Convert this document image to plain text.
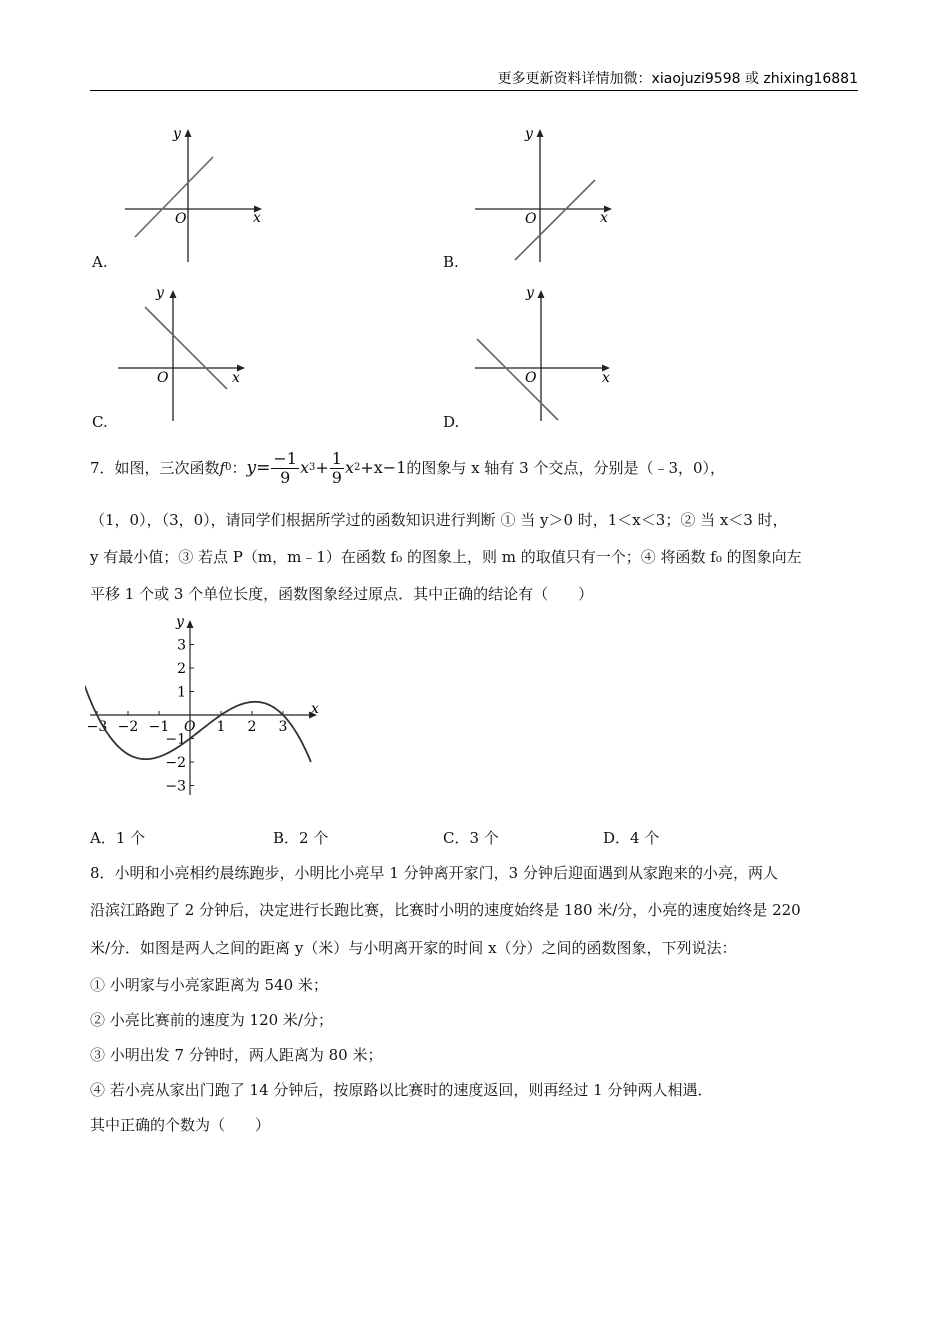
更多更新资料详情加微：xiaojuzi9598 或 zhixing16881
x
y
O
A.
x
y
O
B.
x
y
O
C.
x
y
O
D.
7．如图，三次函数 f 0 ： $y = \frac{-1}{9}$ x $3 + \frac{1}{9}$ x 2 +x−1 的图象与 x 轴有 3 个交点，分别是（﹣3，0），
（1，0），（3，0），请同学们根据所学过的函数知识进行判断 ① 当 y＞0 时，1＜x＜3；② 当 x＜3 时，
y 有最小值；③ 若点 P（m，m﹣1）在函数 f₀ 的图象上，则 m 的取值只有一个；④ 将函数 f₀ 的图象向左
平移 1 个或 3 个单位长度，函数图象经过原点．其中正确的结论有（　　）
x
y
O
−3 −2 −1	1 2 3
3
2
1
−1
−2
−3
A．1 个	B．2 个	C．3 个	D．4 个
8．小明和小亮相约晨练跑步，小明比小亮早 1 分钟离开家门，3 分钟后迎面遇到从家跑来的小亮，两人
沿滨江路跑了 2 分钟后，决定进行长跑比赛，比赛时小明的速度始终是 180 米/分，小亮的速度始终是 220
米/分．如图是两人之间的距离 y（米）与小明离开家的时间 x（分）之间的函数图象，下列说法：
① 小明家与小亮家距离为 540 米；
② 小亮比赛前的速度为 120 米/分；
③ 小明出发 7 分钟时，两人距离为 80 米；
④ 若小亮从家出门跑了 14 分钟后，按原路以比赛时的速度返回，则再经过 1 分钟两人相遇．
其中正确的个数为（　　）
